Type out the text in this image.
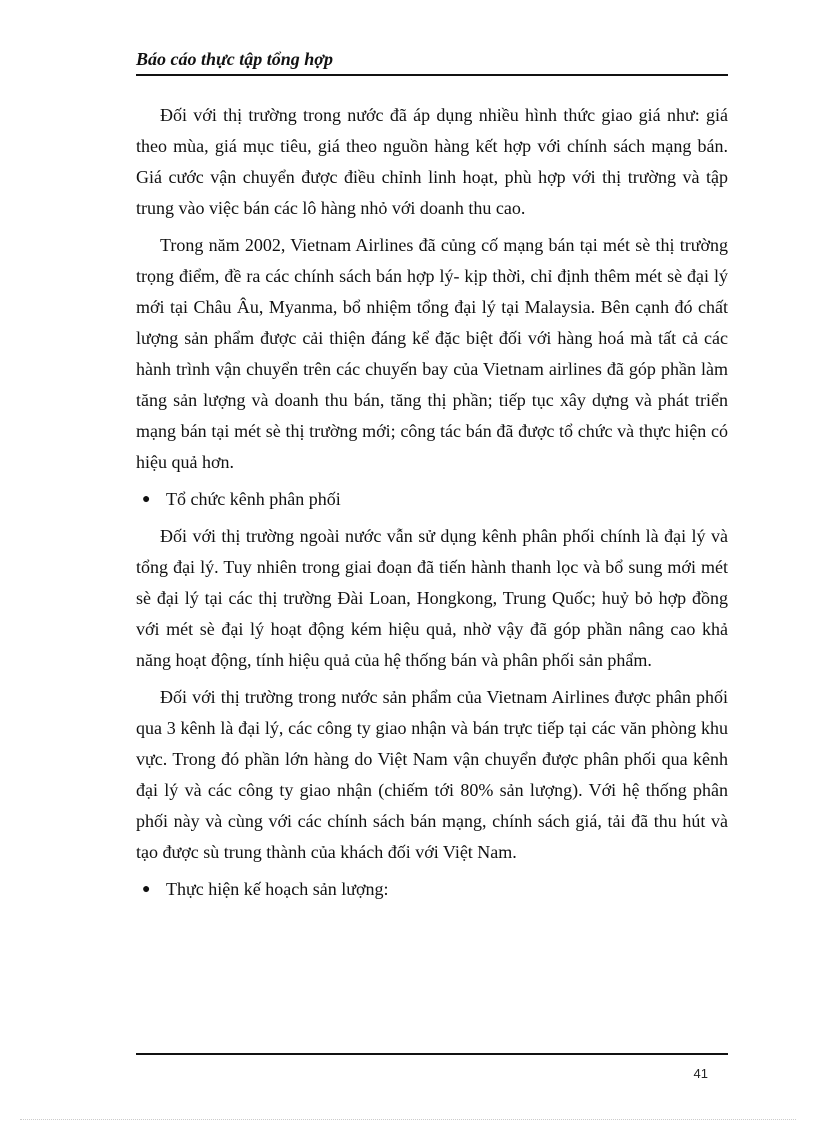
Báo cáo thực tập tổng hợp

Đối với thị trường trong nước đã áp dụng nhiều hình thức giao giá như: giá theo mùa, giá mục tiêu, giá theo nguồn hàng kết hợp với chính sách mạng bán. Giá cước vận chuyển được điều chỉnh linh hoạt, phù hợp với thị trường và tập trung vào việc bán các lô hàng nhỏ với doanh thu cao.

Trong năm 2002, Vietnam Airlines đã củng cố mạng bán tại mét sè thị trường trọng điểm, đề ra các chính sách bán hợp lý- kịp thời, chỉ định thêm mét sè đại lý mới tại Châu Âu, Myanma, bổ nhiệm tổng đại lý tại Malaysia. Bên cạnh đó chất lượng sản phẩm được cải thiện đáng kể đặc biệt đối với hàng hoá mà tất cả các hành trình vận chuyển trên các chuyến bay của Vietnam airlines đã góp phần làm tăng sản lượng và doanh thu bán, tăng thị phần; tiếp tục xây dựng và phát triển mạng bán tại mét sè thị trường mới; công tác bán đã được tổ chức và thực hiện có hiệu quả hơn.

● Tổ chức kênh phân phối

Đối với thị trường ngoài nước vẫn sử dụng kênh phân phối chính là đại lý và tổng đại lý. Tuy nhiên trong giai đoạn đã tiến hành thanh lọc và bổ sung mới mét sè đại lý tại các thị trường Đài Loan, Hongkong, Trung Quốc; huỷ bỏ hợp đồng với mét sè đại lý hoạt động kém hiệu quả, nhờ vậy đã góp phần nâng cao khả năng hoạt động, tính hiệu quả của hệ thống bán và phân phối sản phẩm.

Đối với thị trường trong nước sản phẩm của Vietnam Airlines được phân phối qua 3 kênh là đại lý, các công ty giao nhận và bán trực tiếp tại các văn phòng khu vực. Trong đó phần lớn hàng do Việt Nam vận chuyển được phân phối qua kênh đại lý và các công ty giao nhận (chiếm tới 80% sản lượng). Với hệ thống phân phối này và cùng với các chính sách bán mạng, chính sách giá, tải đã thu hút và tạo được sù trung thành của khách đối với Việt Nam.

● Thực hiện kế hoạch sản lượng:
41
